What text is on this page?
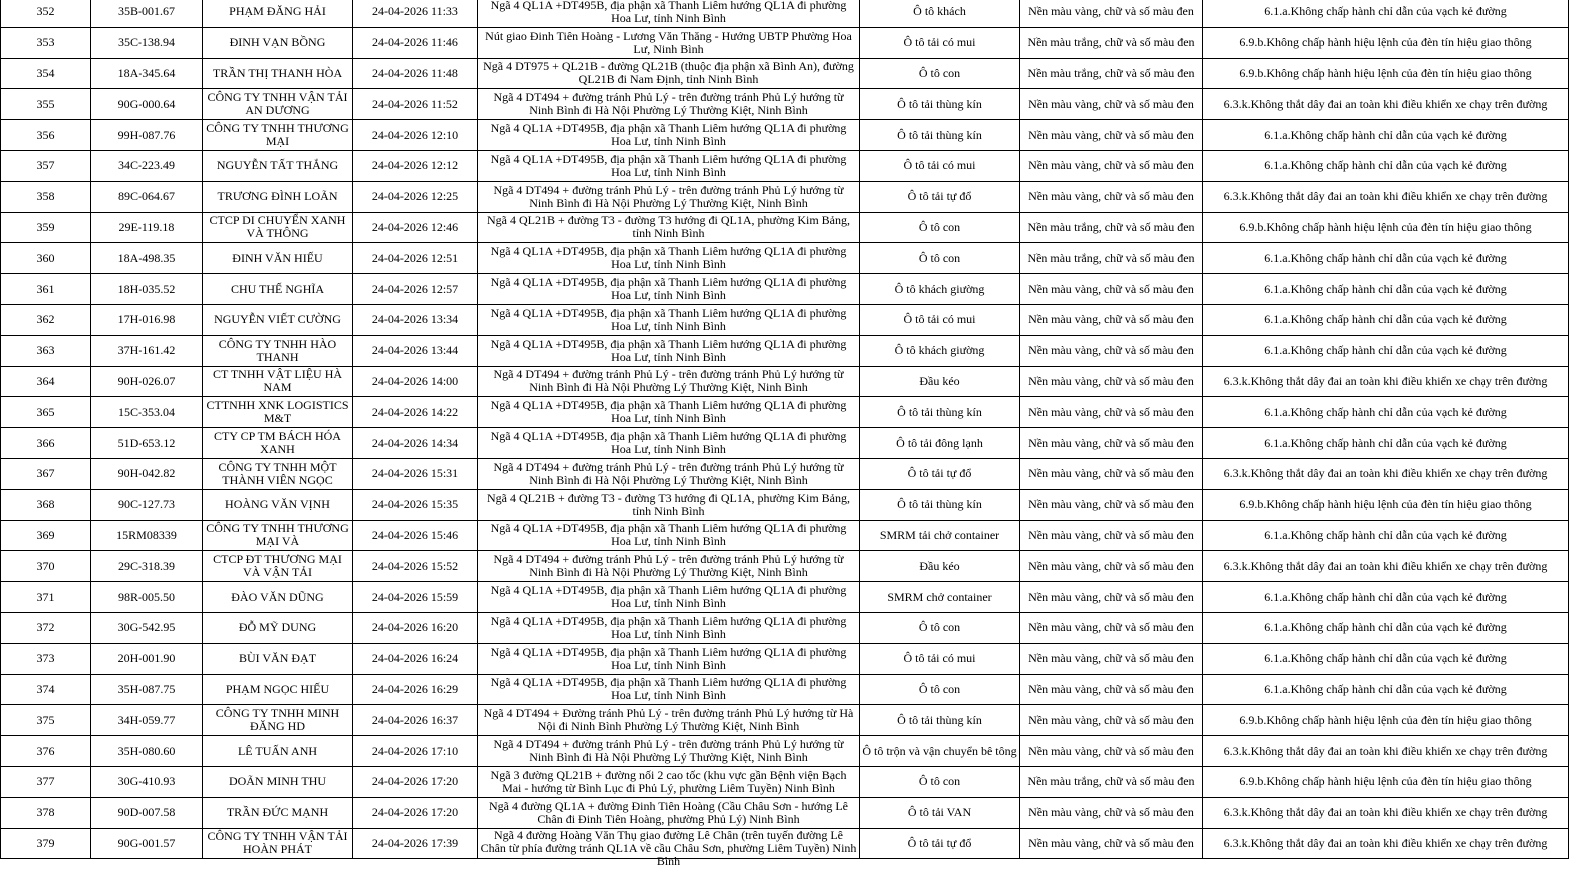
352	35B-001.67	PHẠM ĐĂNG HẢI	24-04-2026 11:33	Ngã 4 QL1A +DT495B, địa phận xã Thanh Liêm hướng QL1A đi phường Hoa Lư, tỉnh Ninh Bình	Ô tô khách	Nền màu vàng, chữ và số màu đen	6.1.a.Không chấp hành chỉ dẫn của vạch kẻ đường

353	35C-138.94	ĐINH VẠN BỒNG	24-04-2026 11:46	Nút giao Đinh Tiên Hoàng - Lương Văn Thăng - Hướng UBTP Phường Hoa Lư, Ninh Bình	Ô tô tải có mui	Nền màu trắng, chữ và số màu đen	6.9.b.Không chấp hành hiệu lệnh của đèn tín hiệu giao thông

354	18A-345.64	TRẦN THỊ THANH HÒA	24-04-2026 11:48	Ngã 4 DT975 + QL21B - đường QL21B (thuộc địa phận xã Bình An), đường QL21B đi Nam Định, tỉnh Ninh Bình	Ô tô con	Nền màu trắng, chữ và số màu đen	6.9.b.Không chấp hành hiệu lệnh của đèn tín hiệu giao thông

355	90G-000.64	CÔNG TY TNHH VẬN TẢI AN DƯƠNG	24-04-2026 11:52	Ngã 4 DT494 + đường tránh Phủ Lý - trên đường tránh Phủ Lý hướng từ Ninh Bình đi Hà Nội Phường Lý Thường Kiệt, Ninh Bình	Ô tô tải thùng kín	Nền màu vàng, chữ và số màu đen	6.3.k.Không thắt dây đai an toàn khi điều khiển xe chạy trên đường

356	99H-087.76	CÔNG TY TNHH THƯƠNG MẠI	24-04-2026 12:10	Ngã 4 QL1A +DT495B, địa phận xã Thanh Liêm hướng QL1A đi phường Hoa Lư, tỉnh Ninh Bình	Ô tô tải thùng kín	Nền màu vàng, chữ và số màu đen	6.1.a.Không chấp hành chỉ dẫn của vạch kẻ đường

357	34C-223.49	NGUYỄN TẤT THẮNG	24-04-2026 12:12	Ngã 4 QL1A +DT495B, địa phận xã Thanh Liêm hướng QL1A đi phường Hoa Lư, tỉnh Ninh Bình	Ô tô tải có mui	Nền màu vàng, chữ và số màu đen	6.1.a.Không chấp hành chỉ dẫn của vạch kẻ đường

358	89C-064.67	TRƯƠNG ĐÌNH LOÃN	24-04-2026 12:25	Ngã 4 DT494 + đường tránh Phủ Lý - trên đường tránh Phủ Lý hướng từ Ninh Bình đi Hà Nội Phường Lý Thường Kiệt, Ninh Bình	Ô tô tải tự đổ	Nền màu vàng, chữ và số màu đen	6.3.k.Không thắt dây đai an toàn khi điều khiển xe chạy trên đường

359	29E-119.18	CTCP DI CHUYỂN XANH VÀ THÔNG	24-04-2026 12:46	Ngã 4 QL21B + đường T3 - đường T3 hướng đi QL1A, phường Kim Bảng, tỉnh Ninh Bình	Ô tô con	Nền màu trắng, chữ và số màu đen	6.9.b.Không chấp hành hiệu lệnh của đèn tín hiệu giao thông

360	18A-498.35	ĐINH VĂN HIẾU	24-04-2026 12:51	Ngã 4 QL1A +DT495B, địa phận xã Thanh Liêm hướng QL1A đi phường Hoa Lư, tỉnh Ninh Bình	Ô tô con	Nền màu trắng, chữ và số màu đen	6.1.a.Không chấp hành chỉ dẫn của vạch kẻ đường

361	18H-035.52	CHU THẾ NGHĨA	24-04-2026 12:57	Ngã 4 QL1A +DT495B, địa phận xã Thanh Liêm hướng QL1A đi phường Hoa Lư, tỉnh Ninh Bình	Ô tô khách giường	Nền màu vàng, chữ và số màu đen	6.1.a.Không chấp hành chỉ dẫn của vạch kẻ đường

362	17H-016.98	NGUYỄN VIẾT CƯỜNG	24-04-2026 13:34	Ngã 4 QL1A +DT495B, địa phận xã Thanh Liêm hướng QL1A đi phường Hoa Lư, tỉnh Ninh Bình	Ô tô tải có mui	Nền màu vàng, chữ và số màu đen	6.1.a.Không chấp hành chỉ dẫn của vạch kẻ đường

363	37H-161.42	CÔNG TY TNHH HÀO THANH	24-04-2026 13:44	Ngã 4 QL1A +DT495B, địa phận xã Thanh Liêm hướng QL1A đi phường Hoa Lư, tỉnh Ninh Bình	Ô tô khách giường	Nền màu vàng, chữ và số màu đen	6.1.a.Không chấp hành chỉ dẫn của vạch kẻ đường

364	90H-026.07	CT TNHH VẬT LIỆU HÀ NAM	24-04-2026 14:00	Ngã 4 DT494 + đường tránh Phủ Lý - trên đường tránh Phủ Lý hướng từ Ninh Bình đi Hà Nội Phường Lý Thường Kiệt, Ninh Bình	Đầu kéo	Nền màu vàng, chữ và số màu đen	6.3.k.Không thắt dây đai an toàn khi điều khiển xe chạy trên đường

365	15C-353.04	CTTNHH XNK LOGISTICS M&T	24-04-2026 14:22	Ngã 4 QL1A +DT495B, địa phận xã Thanh Liêm hướng QL1A đi phường Hoa Lư, tỉnh Ninh Bình	Ô tô tải thùng kín	Nền màu vàng, chữ và số màu đen	6.1.a.Không chấp hành chỉ dẫn của vạch kẻ đường

366	51D-653.12	CTY CP TM BÁCH HÓA XANH	24-04-2026 14:34	Ngã 4 QL1A +DT495B, địa phận xã Thanh Liêm hướng QL1A đi phường Hoa Lư, tỉnh Ninh Bình	Ô tô tải đông lạnh	Nền màu vàng, chữ và số màu đen	6.1.a.Không chấp hành chỉ dẫn của vạch kẻ đường

367	90H-042.82	CÔNG TY TNHH MỘT THÀNH VIÊN NGỌC	24-04-2026 15:31	Ngã 4 DT494 + đường tránh Phủ Lý - trên đường tránh Phủ Lý hướng từ Ninh Bình đi Hà Nội Phường Lý Thường Kiệt, Ninh Bình	Ô tô tải tự đổ	Nền màu vàng, chữ và số màu đen	6.3.k.Không thắt dây đai an toàn khi điều khiển xe chạy trên đường

368	90C-127.73	HOÀNG VĂN VỊNH	24-04-2026 15:35	Ngã 4 QL21B + đường T3 - đường T3 hướng đi QL1A, phường Kim Bảng, tỉnh Ninh Bình	Ô tô tải thùng kín	Nền màu vàng, chữ và số màu đen	6.9.b.Không chấp hành hiệu lệnh của đèn tín hiệu giao thông

369	15RM08339	CÔNG TY TNHH THƯƠNG MẠI VÀ	24-04-2026 15:46	Ngã 4 QL1A +DT495B, địa phận xã Thanh Liêm hướng QL1A đi phường Hoa Lư, tỉnh Ninh Bình	SMRM tải chở container	Nền màu vàng, chữ và số màu đen	6.1.a.Không chấp hành chỉ dẫn của vạch kẻ đường

370	29C-318.39	CTCP ĐT THƯƠNG MẠI VÀ VẬN TẢI	24-04-2026 15:52	Ngã 4 DT494 + đường tránh Phủ Lý - trên đường tránh Phủ Lý hướng từ Ninh Bình đi Hà Nội Phường Lý Thường Kiệt, Ninh Bình	Đầu kéo	Nền màu vàng, chữ và số màu đen	6.3.k.Không thắt dây đai an toàn khi điều khiển xe chạy trên đường

371	98R-005.50	ĐÀO VĂN DŨNG	24-04-2026 15:59	Ngã 4 QL1A +DT495B, địa phận xã Thanh Liêm hướng QL1A đi phường Hoa Lư, tỉnh Ninh Bình	SMRM chở container	Nền màu vàng, chữ và số màu đen	6.1.a.Không chấp hành chỉ dẫn của vạch kẻ đường

372	30G-542.95	ĐỖ MỸ DUNG	24-04-2026 16:20	Ngã 4 QL1A +DT495B, địa phận xã Thanh Liêm hướng QL1A đi phường Hoa Lư, tỉnh Ninh Bình	Ô tô con	Nền màu vàng, chữ và số màu đen	6.1.a.Không chấp hành chỉ dẫn của vạch kẻ đường

373	20H-001.90	BÙI VĂN ĐẠT	24-04-2026 16:24	Ngã 4 QL1A +DT495B, địa phận xã Thanh Liêm hướng QL1A đi phường Hoa Lư, tỉnh Ninh Bình	Ô tô tải có mui	Nền màu vàng, chữ và số màu đen	6.1.a.Không chấp hành chỉ dẫn của vạch kẻ đường

374	35H-087.75	PHẠM NGỌC HIẾU	24-04-2026 16:29	Ngã 4 QL1A +DT495B, địa phận xã Thanh Liêm hướng QL1A đi phường Hoa Lư, tỉnh Ninh Bình	Ô tô con	Nền màu vàng, chữ và số màu đen	6.1.a.Không chấp hành chỉ dẫn của vạch kẻ đường

375	34H-059.77	CÔNG TY TNHH MINH ĐĂNG HD	24-04-2026 16:37	Ngã 4 DT494 + Đường tránh Phủ Lý - trên đường tránh Phủ Lý hướng từ Hà Nội đi Ninh Bình Phường Lý Thường Kiệt, Ninh Bình	Ô tô tải thùng kín	Nền màu vàng, chữ và số màu đen	6.9.b.Không chấp hành hiệu lệnh của đèn tín hiệu giao thông

376	35H-080.60	LÊ TUẤN ANH	24-04-2026 17:10	Ngã 4 DT494 + đường tránh Phủ Lý - trên đường tránh Phủ Lý hướng từ Ninh Bình đi Hà Nội Phường Lý Thường Kiệt, Ninh Bình	Ô tô trộn và vận chuyển bê tông	Nền màu vàng, chữ và số màu đen	6.3.k.Không thắt dây đai an toàn khi điều khiển xe chạy trên đường

377	30G-410.93	DOÃN MINH THU	24-04-2026 17:20	Ngã 3 đường QL21B + đường nối 2 cao tốc (khu vực gần Bệnh viện Bạch Mai - hướng từ Bình Lục đi Phủ Lý, phường Liêm Tuyền) Ninh Bình	Ô tô con	Nền màu trắng, chữ và số màu đen	6.9.b.Không chấp hành hiệu lệnh của đèn tín hiệu giao thông

378	90D-007.58	TRẦN ĐỨC MẠNH	24-04-2026 17:20	Ngã 4 đường QL1A + đường Đinh Tiên Hoàng (Cầu Châu Sơn - hướng Lê Chân đi Đinh Tiên Hoàng, phường Phủ Lý) Ninh Bình	Ô tô tải VAN	Nền màu vàng, chữ và số màu đen	6.3.k.Không thắt dây đai an toàn khi điều khiển xe chạy trên đường

379	90G-001.57	CÔNG TY TNHH VẬN TẢI HOÀN PHÁT	24-04-2026 17:39	Ngã 4 đường Hoàng Văn Thụ giao đường Lê Chân (trên tuyến đường Lê Chân từ phía đường tránh QL1A về cầu Châu Sơn, phường Liêm Tuyền) Ninh Bình	Ô tô tải tự đổ	Nền màu vàng, chữ và số màu đen	6.3.k.Không thắt dây đai an toàn khi điều khiển xe chạy trên đường
